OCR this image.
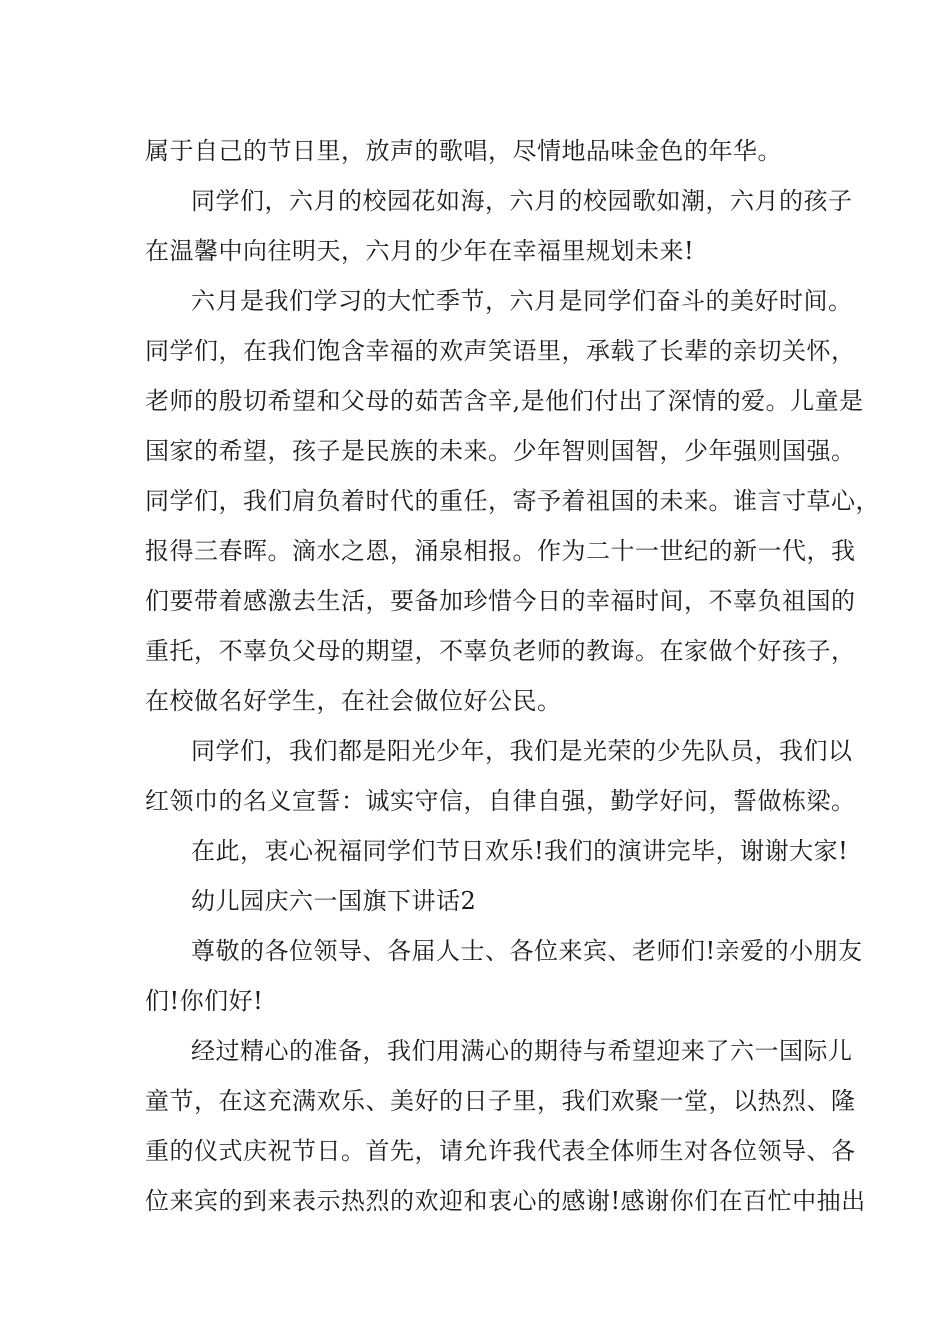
属于自己的节日里，放声的歌唱，尽情地品味金色的年华。

同学们，六月的校园花如海，六月的校园歌如潮，六月的孩子

在温馨中向往明天，六月的少年在幸福里规划未来!

六月是我们学习的大忙季节，六月是同学们奋斗的美好时间。

同学们，在我们饱含幸福的欢声笑语里，承载了长辈的亲切关怀，

老师的殷切希望和父母的茹苦含辛,是他们付出了深情的爱。儿童是

国家的希望，孩子是民族的未来。少年智则国智，少年强则国强。

同学们，我们肩负着时代的重任，寄予着祖国的未来。谁言寸草心，

报得三春晖。滴水之恩，涌泉相报。作为二十一世纪的新一代，我

们要带着感激去生活，要备加珍惜今日的幸福时间，不辜负祖国的

重托，不辜负父母的期望，不辜负老师的教诲。在家做个好孩子，

在校做名好学生，在社会做位好公民。

同学们，我们都是阳光少年，我们是光荣的少先队员，我们以

红领巾的名义宣誓：诚实守信，自律自强，勤学好问，誓做栋梁。

在此，衷心祝福同学们节日欢乐!我们的演讲完毕，谢谢大家!

幼儿园庆六一国旗下讲话2

尊敬的各位领导、各届人士、各位来宾、老师们!亲爱的小朋友

们!你们好!

经过精心的准备，我们用满心的期待与希望迎来了六一国际儿

童节，在这充满欢乐、美好的日子里，我们欢聚一堂，以热烈、隆

重的仪式庆祝节日。首先，请允许我代表全体师生对各位领导、各

位来宾的到来表示热烈的欢迎和衷心的感谢!感谢你们在百忙中抽出
